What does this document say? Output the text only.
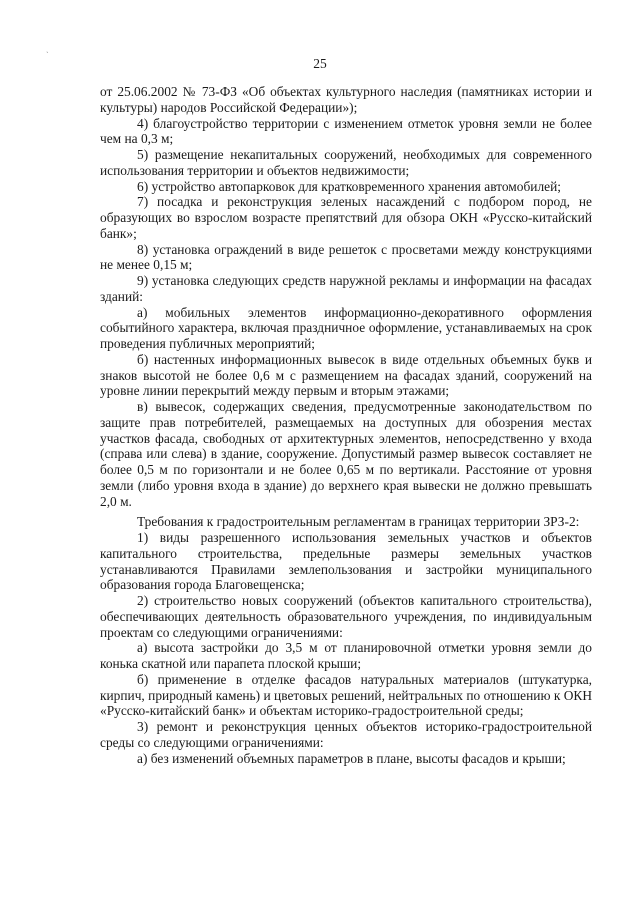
ˏ
25

от 25.06.2002 № 73-ФЗ «Об объектах культурного наследия (памятниках истории и культуры) народов Российской Федерации»);

4) благоустройство территории с изменением отметок уровня земли не более чем на 0,3 м;

5) размещение некапитальных сооружений, необходимых для современного использования территории и объектов недвижимости;

6) устройство автопарковок для кратковременного хранения автомобилей;

7) посадка и реконструкция зеленых насаждений с подбором пород, не образующих во взрослом возрасте препятствий для обзора ОКН «Русско-китайский банк»;

8) установка ограждений в виде решеток с просветами между конструкциями не менее 0,15 м;

9) установка следующих средств наружной рекламы и информации на фасадах зданий:

а) мобильных элементов информационно-декоративного оформления событийного характера, включая праздничное оформление, устанавливаемых на срок проведения публичных мероприятий;

б) настенных информационных вывесок в виде отдельных объемных букв и знаков высотой не более 0,6 м с размещением на фасадах зданий, сооружений на уровне линии перекрытий между первым и вторым этажами;

в) вывесок, содержащих сведения, предусмотренные законодательством по защите прав потребителей, размещаемых на доступных для обозрения местах участков фасада, свободных от архитектурных элементов, непосредственно у входа (справа или слева) в здание, сооружение. Допустимый размер вывесок составляет не более 0,5 м по горизонтали и не более 0,65 м по вертикали. Расстояние от уровня земли (либо уровня входа в здание) до верхнего края вывески не должно превышать 2,0 м.

Требования к градостроительным регламентам в границах территории ЗРЗ-2:

1) виды разрешенного использования земельных участков и объектов капитального строительства, предельные размеры земельных участков устанавливаются Правилами землепользования и застройки муниципального образования города Благовещенска;

2) строительство новых сооружений (объектов капитального строительства), обеспечивающих деятельность образовательного учреждения, по индивидуальным проектам со следующими ограничениями:

а) высота застройки до 3,5 м от планировочной отметки уровня земли до конька скатной или парапета плоской крыши;

б) применение в отделке фасадов натуральных материалов (штукатурка, кирпич, природный камень) и цветовых решений, нейтральных по отношению к ОКН «Русско-китайский банк» и объектам историко-градостроительной среды;

3) ремонт и реконструкция ценных объектов историко-градостроительной среды со следующими ограничениями:

а) без изменений объемных параметров в плане, высоты фасадов и крыши;
